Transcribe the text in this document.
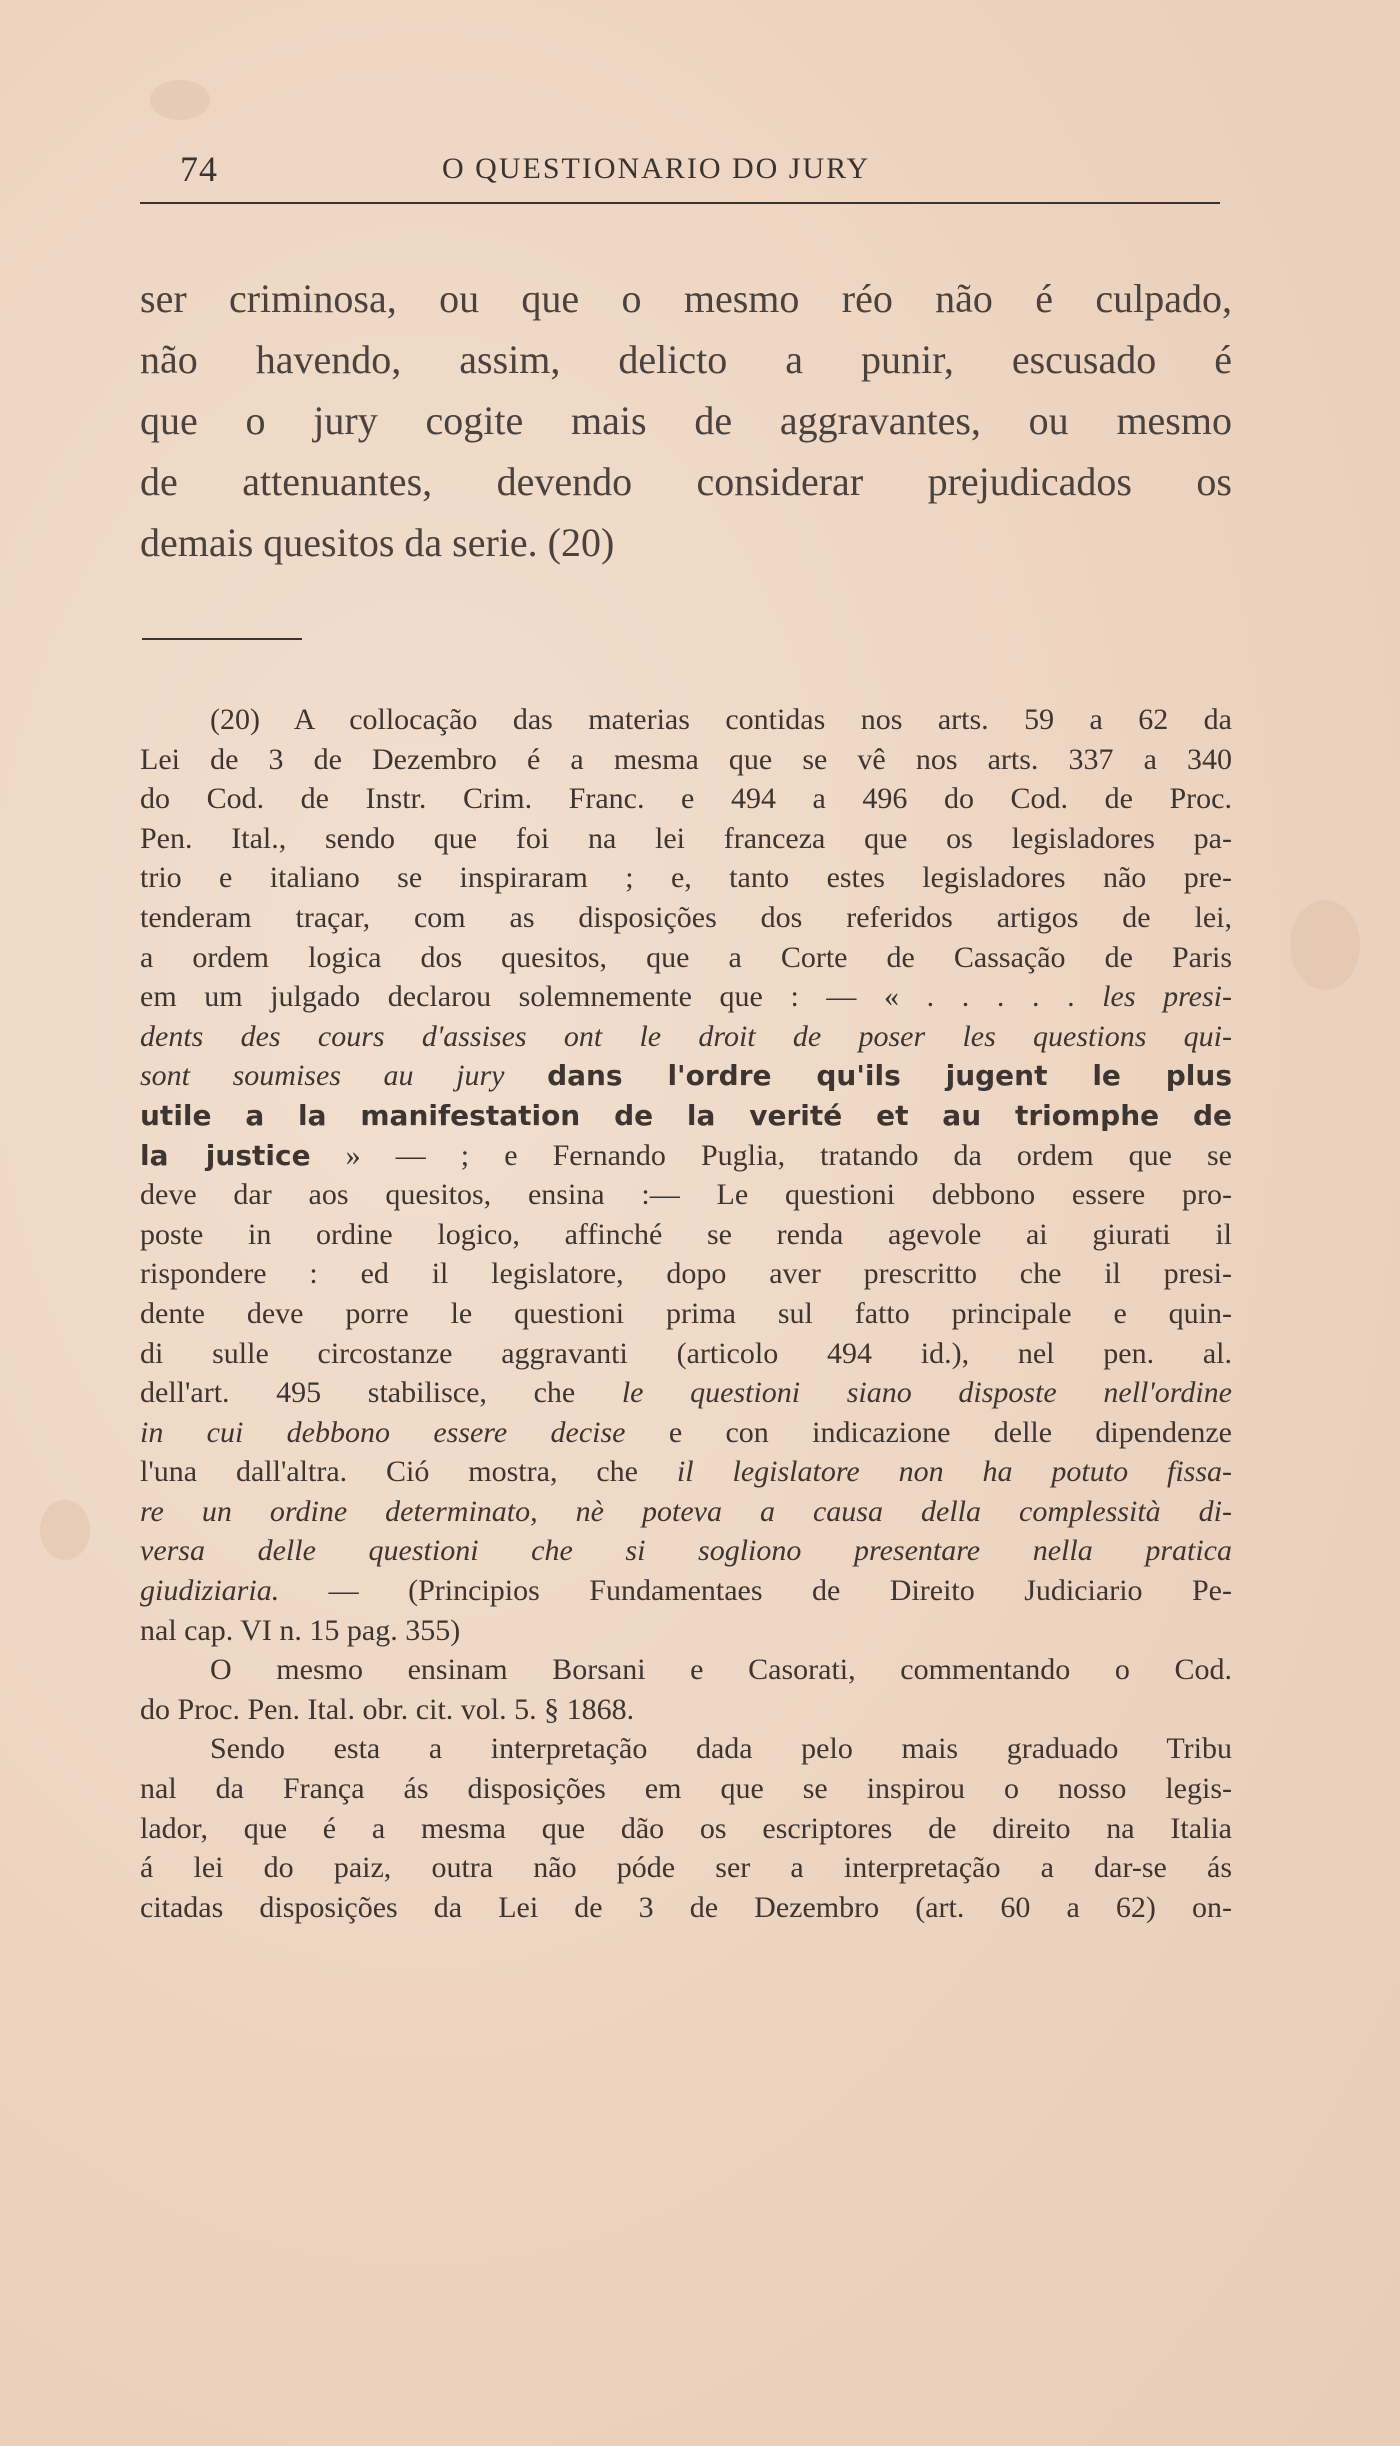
74	O QUESTIONARIO DO JURY

ser criminosa, ou que o mesmo réo não é culpado,

não havendo, assim, delicto a punir, escusado é

que o jury cogite mais de aggravantes, ou mesmo

de attenuantes, devendo considerar prejudicados os

demais quesitos da serie. (20)

(20) A collocação das materias contidas nos arts. 59 a 62 da
Lei de 3 de Dezembro é a mesma que se vê nos arts. 337 a 340
do Cod. de Instr. Crim. Franc. e 494 a 496 do Cod. de Proc.
Pen. Ital., sendo que foi na lei franceza que os legisladores pa-
trio e italiano se inspiraram ; e, tanto estes legisladores não pre-
tenderam traçar, com as disposições dos referidos artigos de lei,
a ordem logica dos quesitos, que a Corte de Cassação de Paris
em um julgado declarou solemnemente que : — « . . . . . les presi-
dents des cours d'assises ont le droit de poser les questions qui-
sont soumises au jury dans l'ordre qu'ils jugent le plus
utile a la manifestation de la verité et au triomphe de
la justice » — ; e Fernando Puglia, tratando da ordem que se
deve dar aos quesitos, ensina :— Le questioni debbono essere pro-
poste in ordine logico, affinché se renda agevole ai giurati il
rispondere : ed il legislatore, dopo aver prescritto che il presi-
dente deve porre le questioni prima sul fatto principale e quin-
di sulle circostanze aggravanti (articolo 494 id.), nel pen. al.
dell'art. 495 stabilisce, che le questioni siano disposte nell'ordine
in cui debbono essere decise e con indicazione delle dipendenze
l'una dall'altra. Ció mostra, che il legislatore non ha potuto fissa-
re un ordine determinato, nè poteva a causa della complessità di-
versa delle questioni che si sogliono presentare nella pratica
giudiziaria. — (Principios Fundamentaes de Direito Judiciario Pe-
nal cap. VI n. 15 pag. 355)
O mesmo ensinam Borsani e Casorati, commentando o Cod.
do Proc. Pen. Ital. obr. cit. vol. 5. § 1868.
Sendo esta a interpretação dada pelo mais graduado Tribu
nal da França ás disposições em que se inspirou o nosso legis-
lador, que é a mesma que dão os escriptores de direito na Italia
á lei do paiz, outra não póde ser a interpretação a dar-se ás
citadas disposições da Lei de 3 de Dezembro (art. 60 a 62) on-
